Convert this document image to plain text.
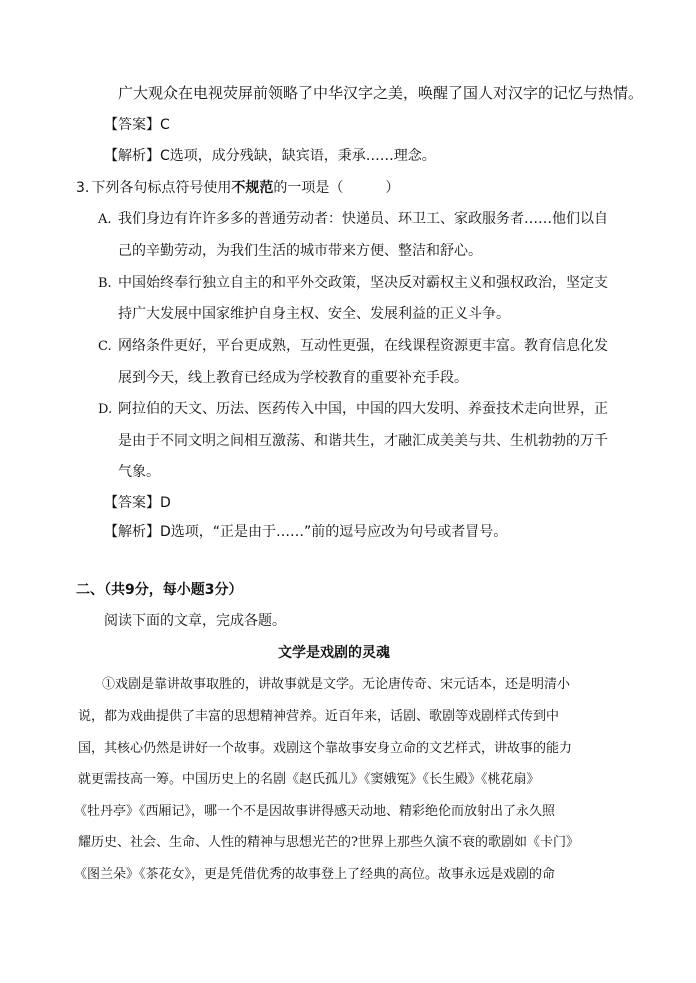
广大观众在电视荧屏前领略了中华汉字之美，唤醒了国人对汉字的记忆与热情。
【答案】C
【解析】C选项，成分残缺，缺宾语，秉承……理念。
3. 下列各句标点符号使用不规范的一项是（　　　）
A. 我们身边有许许多多的普通劳动者：快递员、环卫工、家政服务者……他们以自
己的辛勤劳动，为我们生活的城市带来方便、整洁和舒心。
B. 中国始终奉行独立自主的和平外交政策，坚决反对霸权主义和强权政治，坚定支
持广大发展中国家维护自身主权、安全、发展利益的正义斗争。
C. 网络条件更好，平台更成熟，互动性更强，在线课程资源更丰富。教育信息化发
展到今天，线上教育已经成为学校教育的重要补充手段。
D. 阿拉伯的天文、历法、医药传入中国，中国的四大发明、养蚕技术走向世界，正
是由于不同文明之间相互激荡、和谐共生，才融汇成美美与共、生机勃勃的万千
气象。
【答案】D
【解析】D选项，“正是由于……”前的逗号应改为句号或者冒号。
二、（共9分，每小题3分）
阅读下面的文章，完成各题。
文学是戏剧的灵魂
①戏剧是靠讲故事取胜的，讲故事就是文学。无论唐传奇、宋元话本，还是明清小
说，都为戏曲提供了丰富的思想精神营养。近百年来，话剧、歌剧等戏剧样式传到中
国，其核心仍然是讲好一个故事。戏剧这个靠故事安身立命的文艺样式，讲故事的能力
就更需技高一筹。中国历史上的名剧《赵氏孤儿》《窦娥冤》《长生殿》《桃花扇》
《牡丹亭》《西厢记》，哪一个不是因故事讲得感天动地、精彩绝伦而放射出了永久照
耀历史、社会、生命、人性的精神与思想光芒的?世界上那些久演不衰的歌剧如《卡门》
《图兰朵》《茶花女》，更是凭借优秀的故事登上了经典的高位。故事永远是戏剧的命
